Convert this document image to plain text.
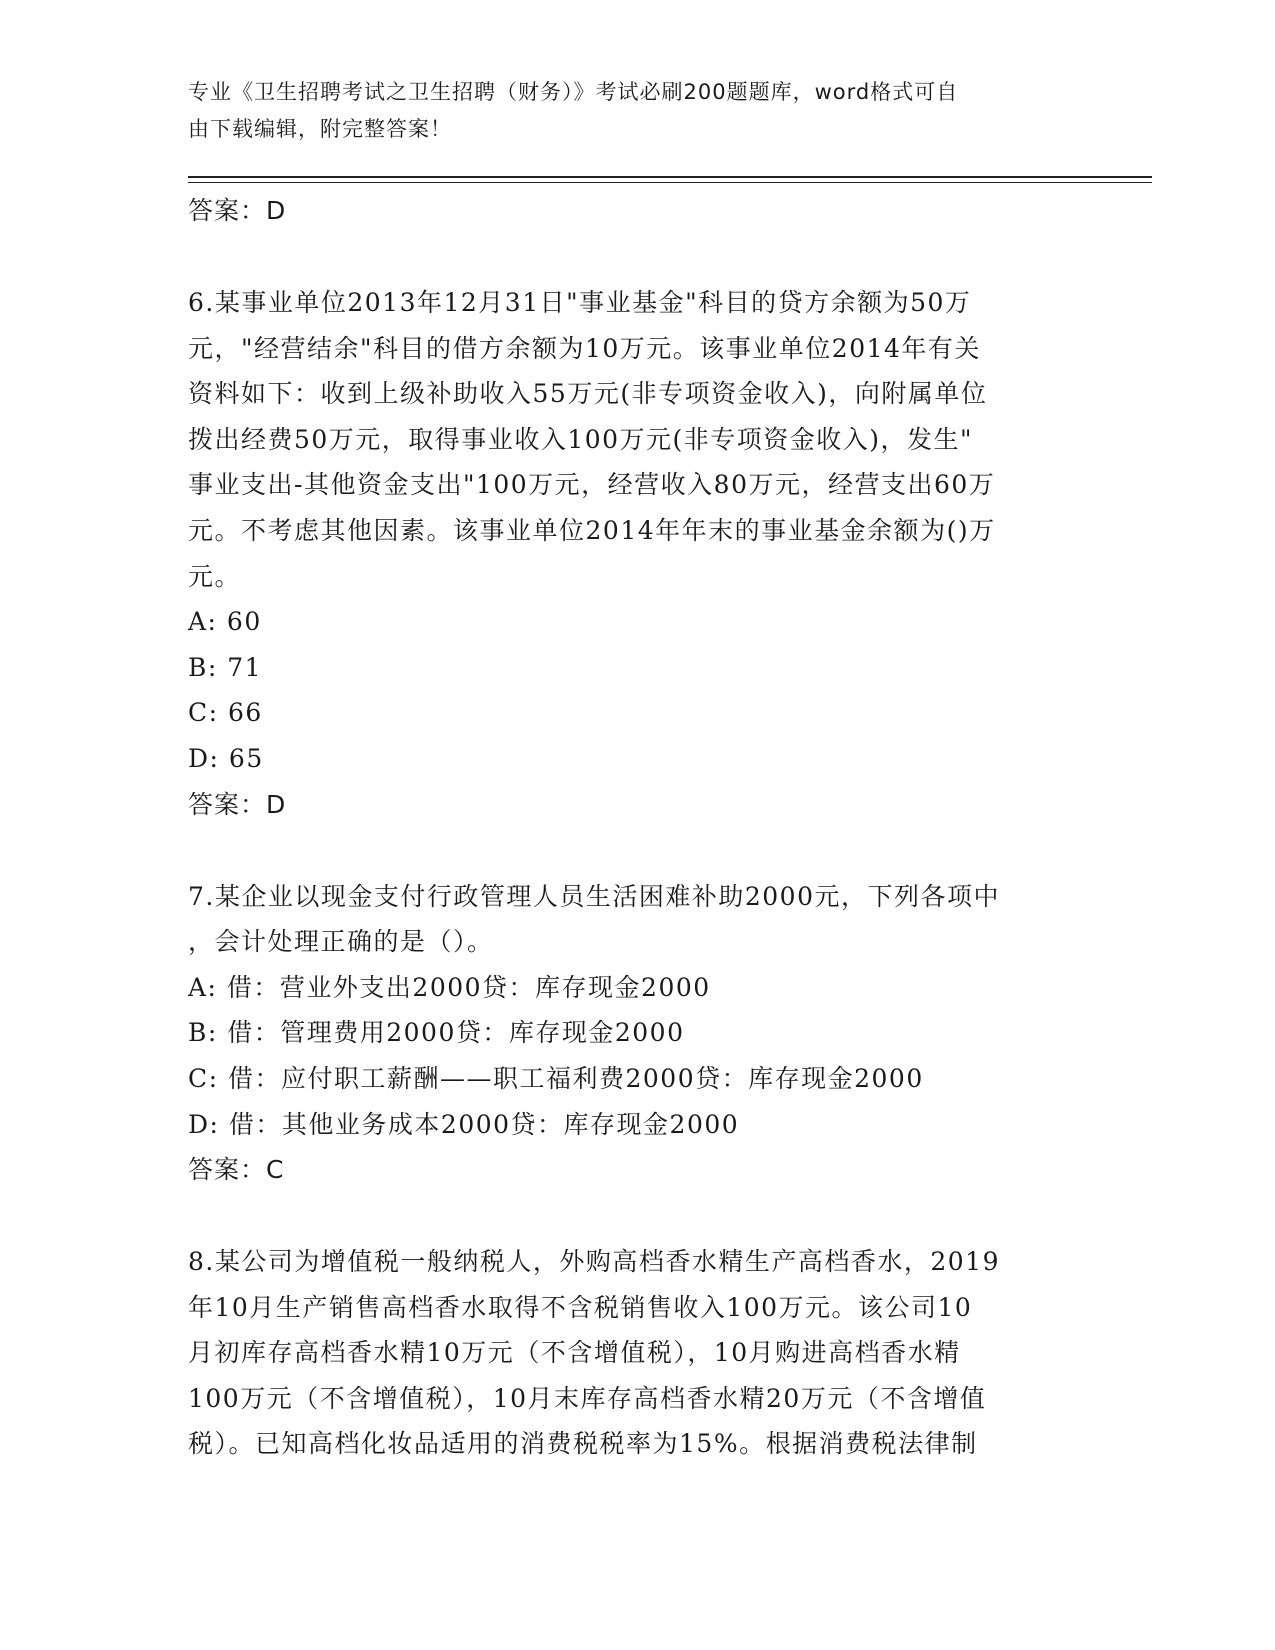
专业《卫生招聘考试之卫生招聘（财务）》考试必刷200题题库，word格式可自
由下载编辑，附完整答案！
答案：D
6.某事业单位2013年12月31日"事业基金"科目的贷方余额为50万
元，"经营结余"科目的借方余额为10万元。该事业单位2014年有关
资料如下：收到上级补助收入55万元(非专项资金收入)，向附属单位
拨出经费50万元，取得事业收入100万元(非专项资金收入)，发生"
事业支出-其他资金支出"100万元，经营收入80万元，经营支出60万
元。不考虑其他因素。该事业单位2014年年末的事业基金余额为()万
元。
A: 60
B: 71
C: 66
D: 65
答案：D
7.某企业以现金支付行政管理人员生活困难补助2000元，下列各项中
，会计处理正确的是（）。
A: 借：营业外支出2000贷：库存现金2000
B: 借：管理费用2000贷：库存现金2000
C: 借：应付职工薪酬——职工福利费2000贷：库存现金2000
D: 借：其他业务成本2000贷：库存现金2000
答案：C
8.某公司为增值税一般纳税人，外购高档香水精生产高档香水，2019
年10月生产销售高档香水取得不含税销售收入100万元。该公司10
月初库存高档香水精10万元（不含增值税），10月购进高档香水精
100万元（不含增值税），10月末库存高档香水精20万元（不含增值
税）。已知高档化妆品适用的消费税税率为15%。根据消费税法律制
